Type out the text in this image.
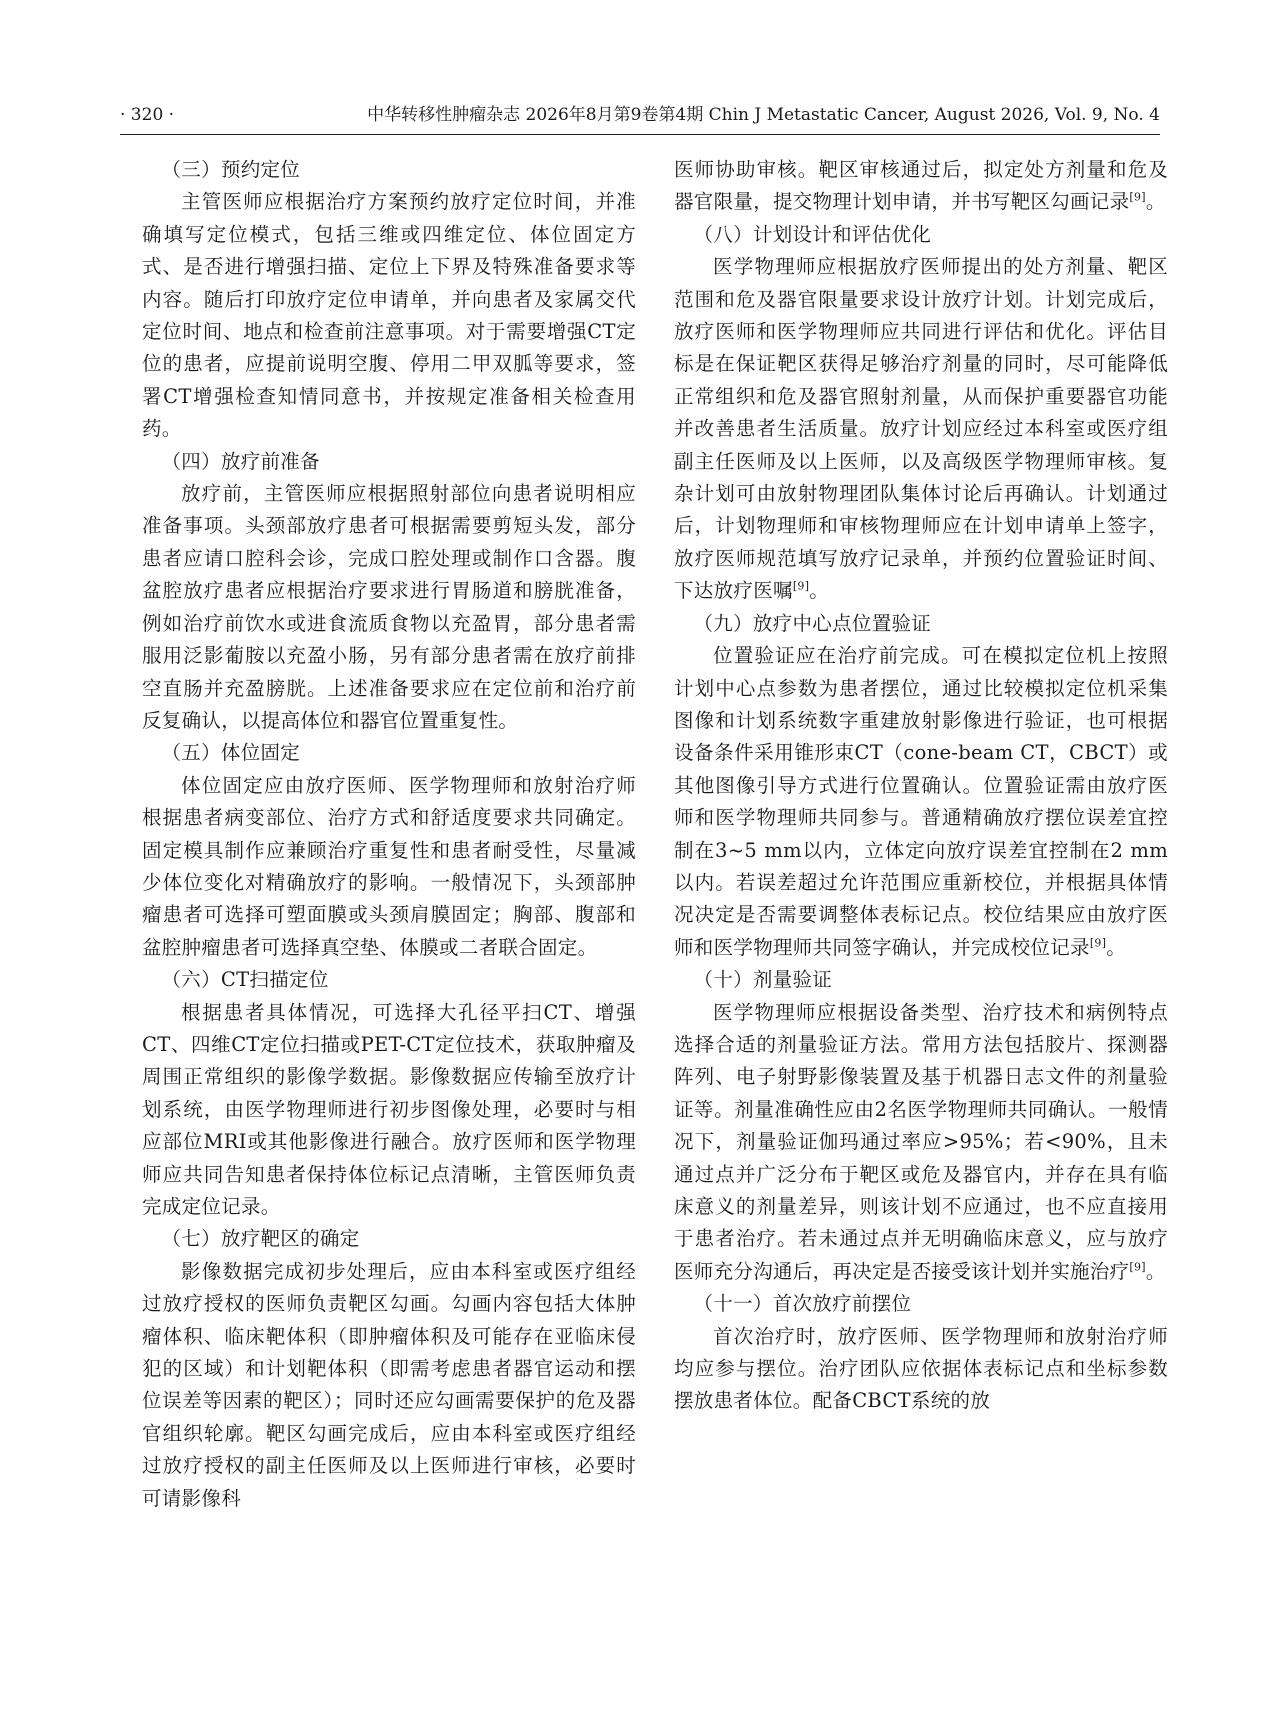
· 320 ·	中华转移性肿瘤杂志 2026年8月第9卷第4期 Chin J Metastatic Cancer, August 2026, Vol. 9, No. 4
（三）预约定位

主管医师应根据治疗方案预约放疗定位时间，并准确填写定位模式，包括三维或四维定位、体位固定方式、是否进行增强扫描、定位上下界及特殊准备要求等内容。随后打印放疗定位申请单，并向患者及家属交代定位时间、地点和检查前注意事项。对于需要增强CT定位的患者，应提前说明空腹、停用二甲双胍等要求，签署CT增强检查知情同意书，并按规定准备相关检查用药。

（四）放疗前准备

放疗前，主管医师应根据照射部位向患者说明相应准备事项。头颈部放疗患者可根据需要剪短头发，部分患者应请口腔科会诊，完成口腔处理或制作口含器。腹盆腔放疗患者应根据治疗要求进行胃肠道和膀胱准备，例如治疗前饮水或进食流质食物以充盈胃，部分患者需服用泛影葡胺以充盈小肠，另有部分患者需在放疗前排空直肠并充盈膀胱。上述准备要求应在定位前和治疗前反复确认，以提高体位和器官位置重复性。

（五）体位固定

体位固定应由放疗医师、医学物理师和放射治疗师根据患者病变部位、治疗方式和舒适度要求共同确定。固定模具制作应兼顾治疗重复性和患者耐受性，尽量减少体位变化对精确放疗的影响。一般情况下，头颈部肿瘤患者可选择可塑面膜或头颈肩膜固定；胸部、腹部和盆腔肿瘤患者可选择真空垫、体膜或二者联合固定。

（六）CT扫描定位

根据患者具体情况，可选择大孔径平扫CT、增强CT、四维CT定位扫描或PET-CT定位技术，获取肿瘤及周围正常组织的影像学数据。影像数据应传输至放疗计划系统，由医学物理师进行初步图像处理，必要时与相应部位MRI或其他影像进行融合。放疗医师和医学物理师应共同告知患者保持体位标记点清晰，主管医师负责完成定位记录。

（七）放疗靶区的确定

影像数据完成初步处理后，应由本科室或医疗组经过放疗授权的医师负责靶区勾画。勾画内容包括大体肿瘤体积、临床靶体积（即肿瘤体积及可能存在亚临床侵犯的区域）和计划靶体积（即需考虑患者器官运动和摆位误差等因素的靶区）；同时还应勾画需要保护的危及器官组织轮廓。靶区勾画完成后，应由本科室或医疗组经过放疗授权的副主任医师及以上医师进行审核，必要时可请影像科

医师协助审核。靶区审核通过后，拟定处方剂量和危及器官限量，提交物理计划申请，并书写靶区勾画记录[9]。

（八）计划设计和评估优化

医学物理师应根据放疗医师提出的处方剂量、靶区范围和危及器官限量要求设计放疗计划。计划完成后，放疗医师和医学物理师应共同进行评估和优化。评估目标是在保证靶区获得足够治疗剂量的同时，尽可能降低正常组织和危及器官照射剂量，从而保护重要器官功能并改善患者生活质量。放疗计划应经过本科室或医疗组副主任医师及以上医师，以及高级医学物理师审核。复杂计划可由放射物理团队集体讨论后再确认。计划通过后，计划物理师和审核物理师应在计划申请单上签字，放疗医师规范填写放疗记录单，并预约位置验证时间、下达放疗医嘱[9]。

（九）放疗中心点位置验证

位置验证应在治疗前完成。可在模拟定位机上按照计划中心点参数为患者摆位，通过比较模拟定位机采集图像和计划系统数字重建放射影像进行验证，也可根据设备条件采用锥形束CT（cone-beam CT，CBCT）或其他图像引导方式进行位置确认。位置验证需由放疗医师和医学物理师共同参与。普通精确放疗摆位误差宜控制在3~5 mm以内，立体定向放疗误差宜控制在2 mm以内。若误差超过允许范围应重新校位，并根据具体情况决定是否需要调整体表标记点。校位结果应由放疗医师和医学物理师共同签字确认，并完成校位记录[9]。

（十）剂量验证

医学物理师应根据设备类型、治疗技术和病例特点选择合适的剂量验证方法。常用方法包括胶片、探测器阵列、电子射野影像装置及基于机器日志文件的剂量验证等。剂量准确性应由2名医学物理师共同确认。一般情况下，剂量验证伽玛通过率应>95%；若<90%，且未通过点并广泛分布于靶区或危及器官内，并存在具有临床意义的剂量差异，则该计划不应通过，也不应直接用于患者治疗。若未通过点并无明确临床意义，应与放疗医师充分沟通后，再决定是否接受该计划并实施治疗[9]。

（十一）首次放疗前摆位

首次治疗时，放疗医师、医学物理师和放射治疗师均应参与摆位。治疗团队应依据体表标记点和坐标参数摆放患者体位。配备CBCT系统的放
